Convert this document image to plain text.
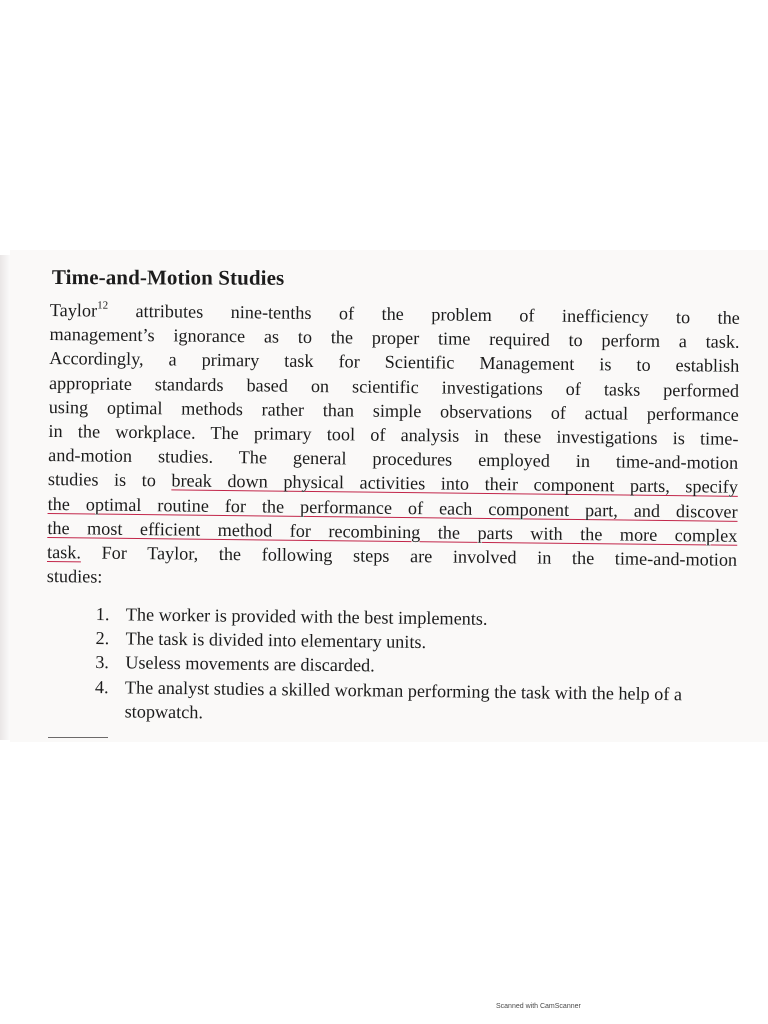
Time-and-Motion Studies
Taylor$^{12}$ attributes nine-tenths of the problem of inefficiency to the
management’s ignorance as to the proper time required to perform a task.
Accordingly, a primary task for Scientific Management is to establish
appropriate standards based on scientific investigations of tasks performed
using optimal methods rather than simple observations of actual performance
in the workplace. The primary tool of analysis in these investigations is time-
and-motion studies. The general procedures employed in time-and-motion
studies is to break down physical activities into their component parts, specify
the optimal routine for the performance of each component part, and discover
the most efficient method for recombining the parts with the more complex
task. For Taylor, the following steps are involved in the time-and-motion
studies:
1. The worker is provided with the best implements.
2. The task is divided into elementary units.
3. Useless movements are discarded.
4. The analyst studies a skilled workman performing the task with the help of a stopwatch.
Scanned with CamScanner
